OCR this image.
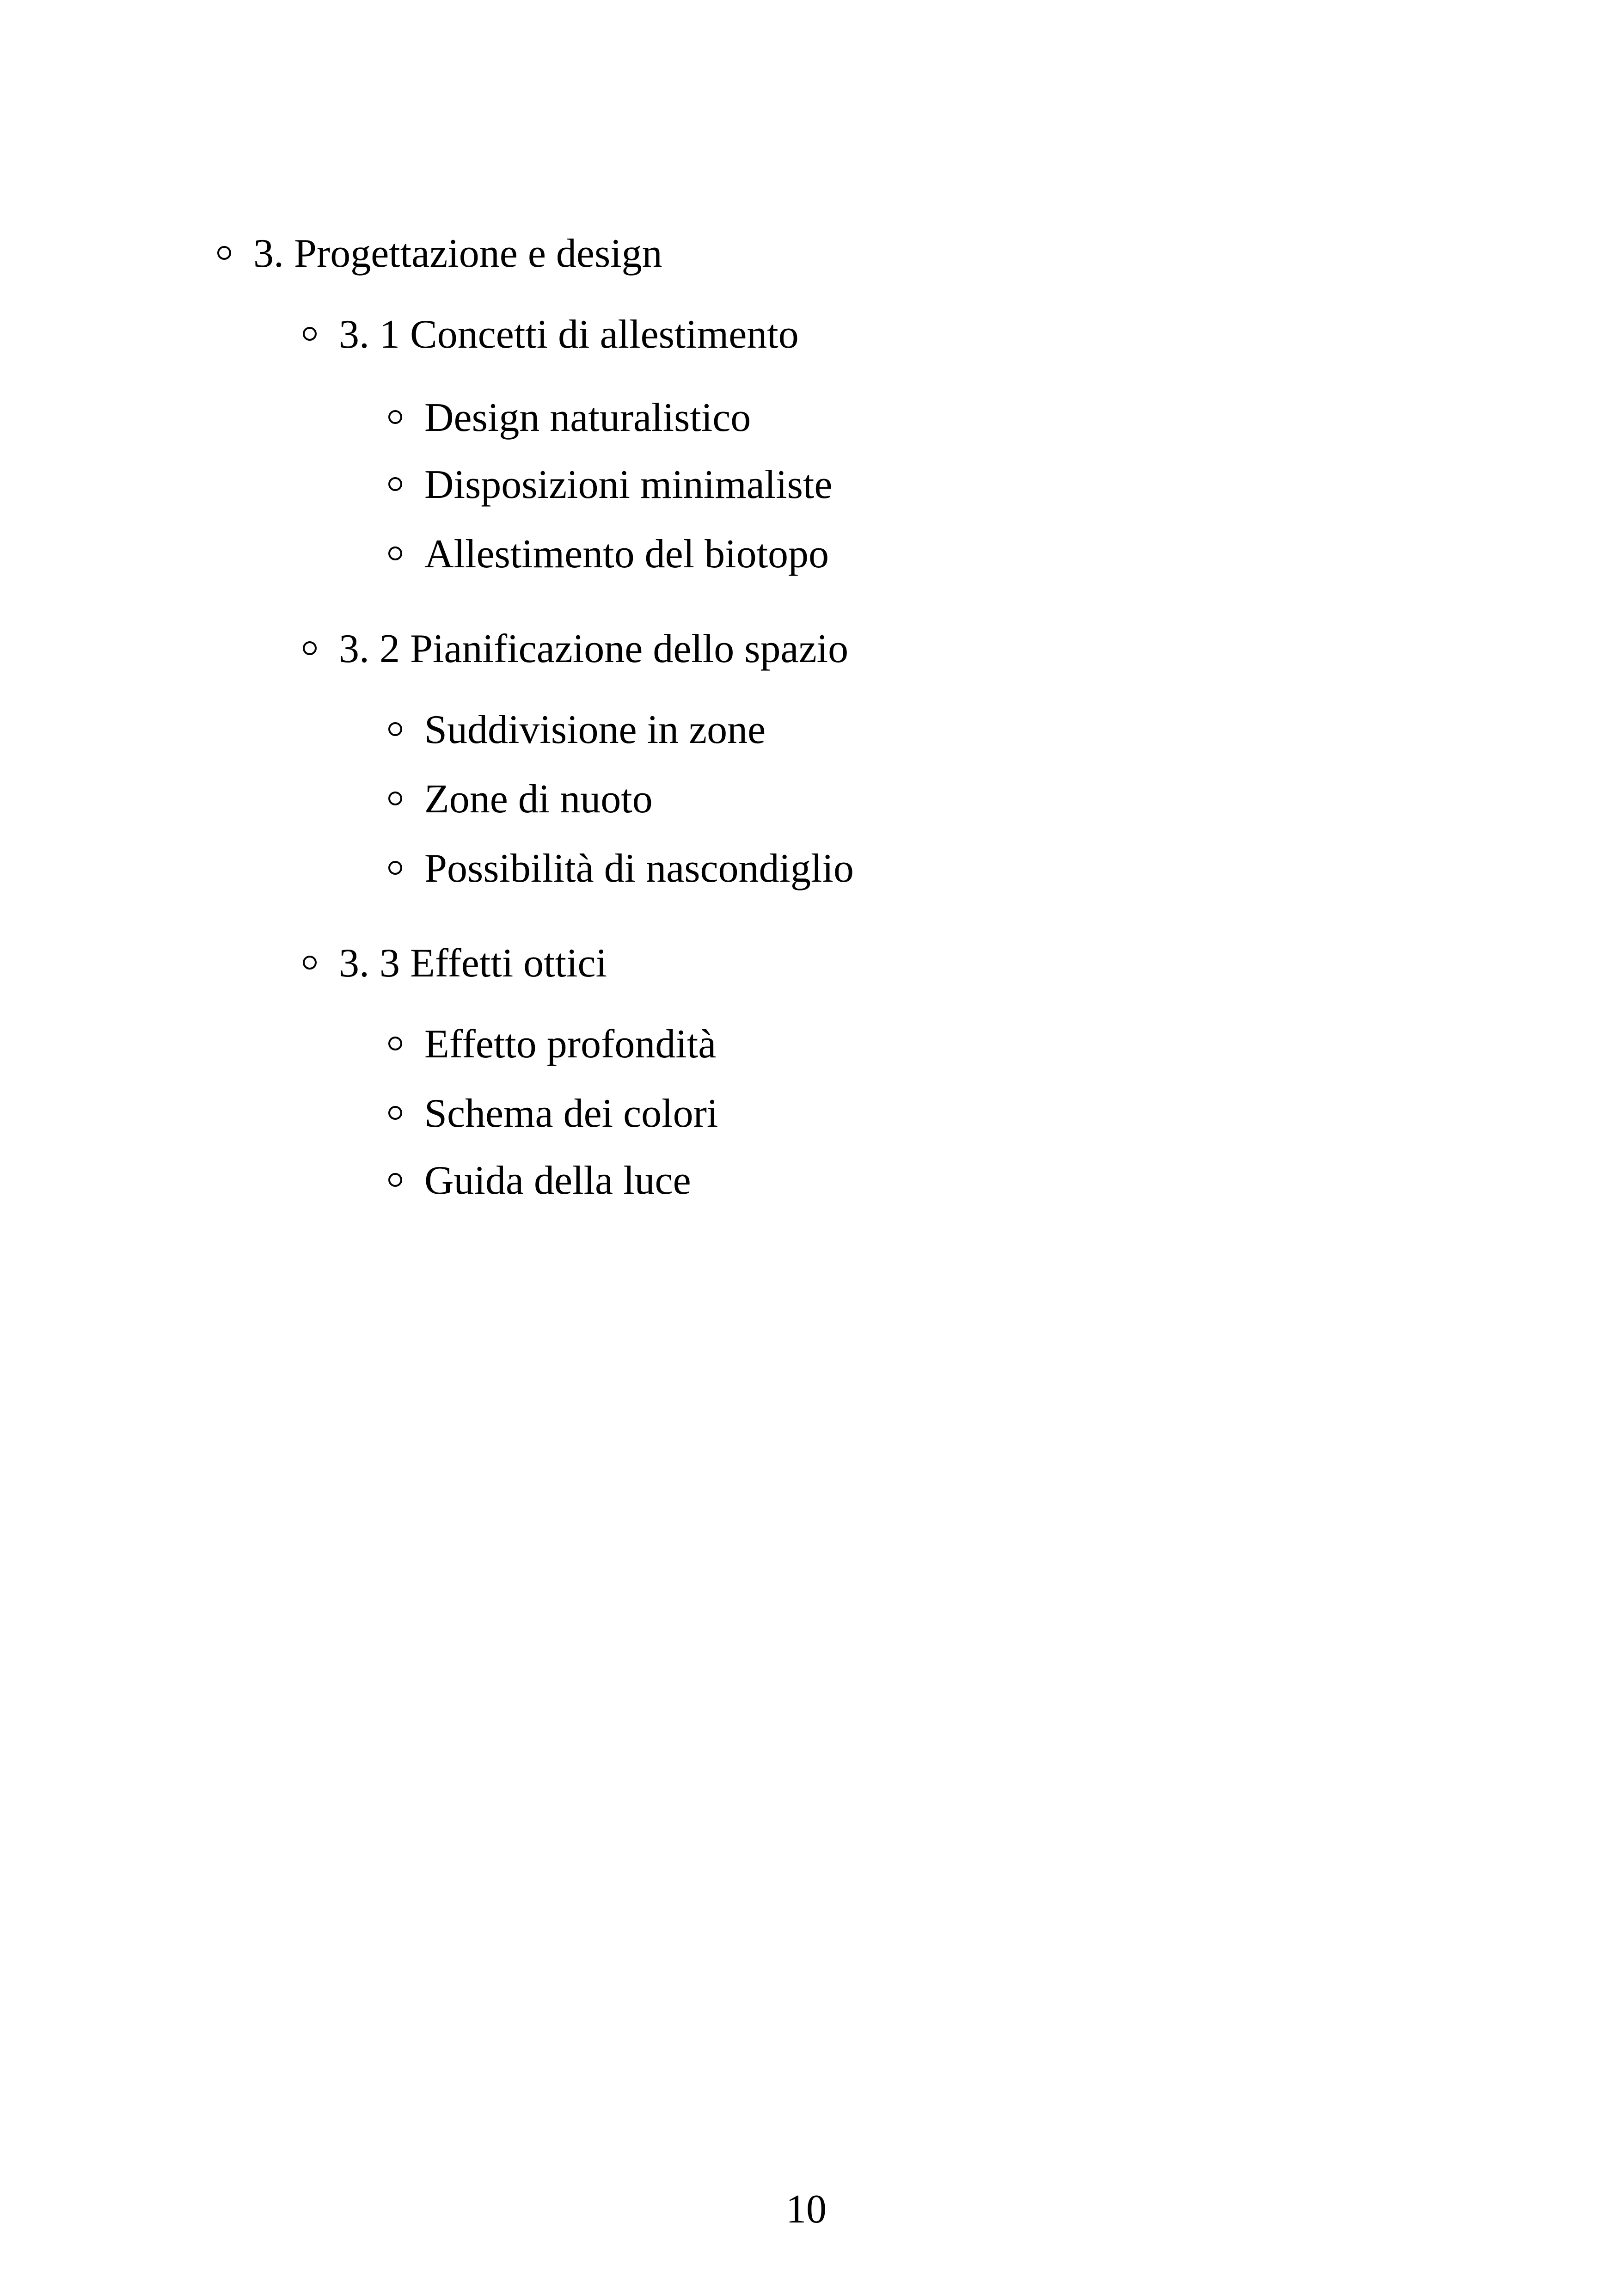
3. Progettazione e design
3. 1 Concetti di allestimento
Design naturalistico
Disposizioni minimaliste
Allestimento del biotopo
3. 2 Pianificazione dello spazio
Suddivisione in zone
Zone di nuoto
Possibilità di nascondiglio
3. 3 Effetti ottici
Effetto profondità
Schema dei colori
Guida della luce
10
